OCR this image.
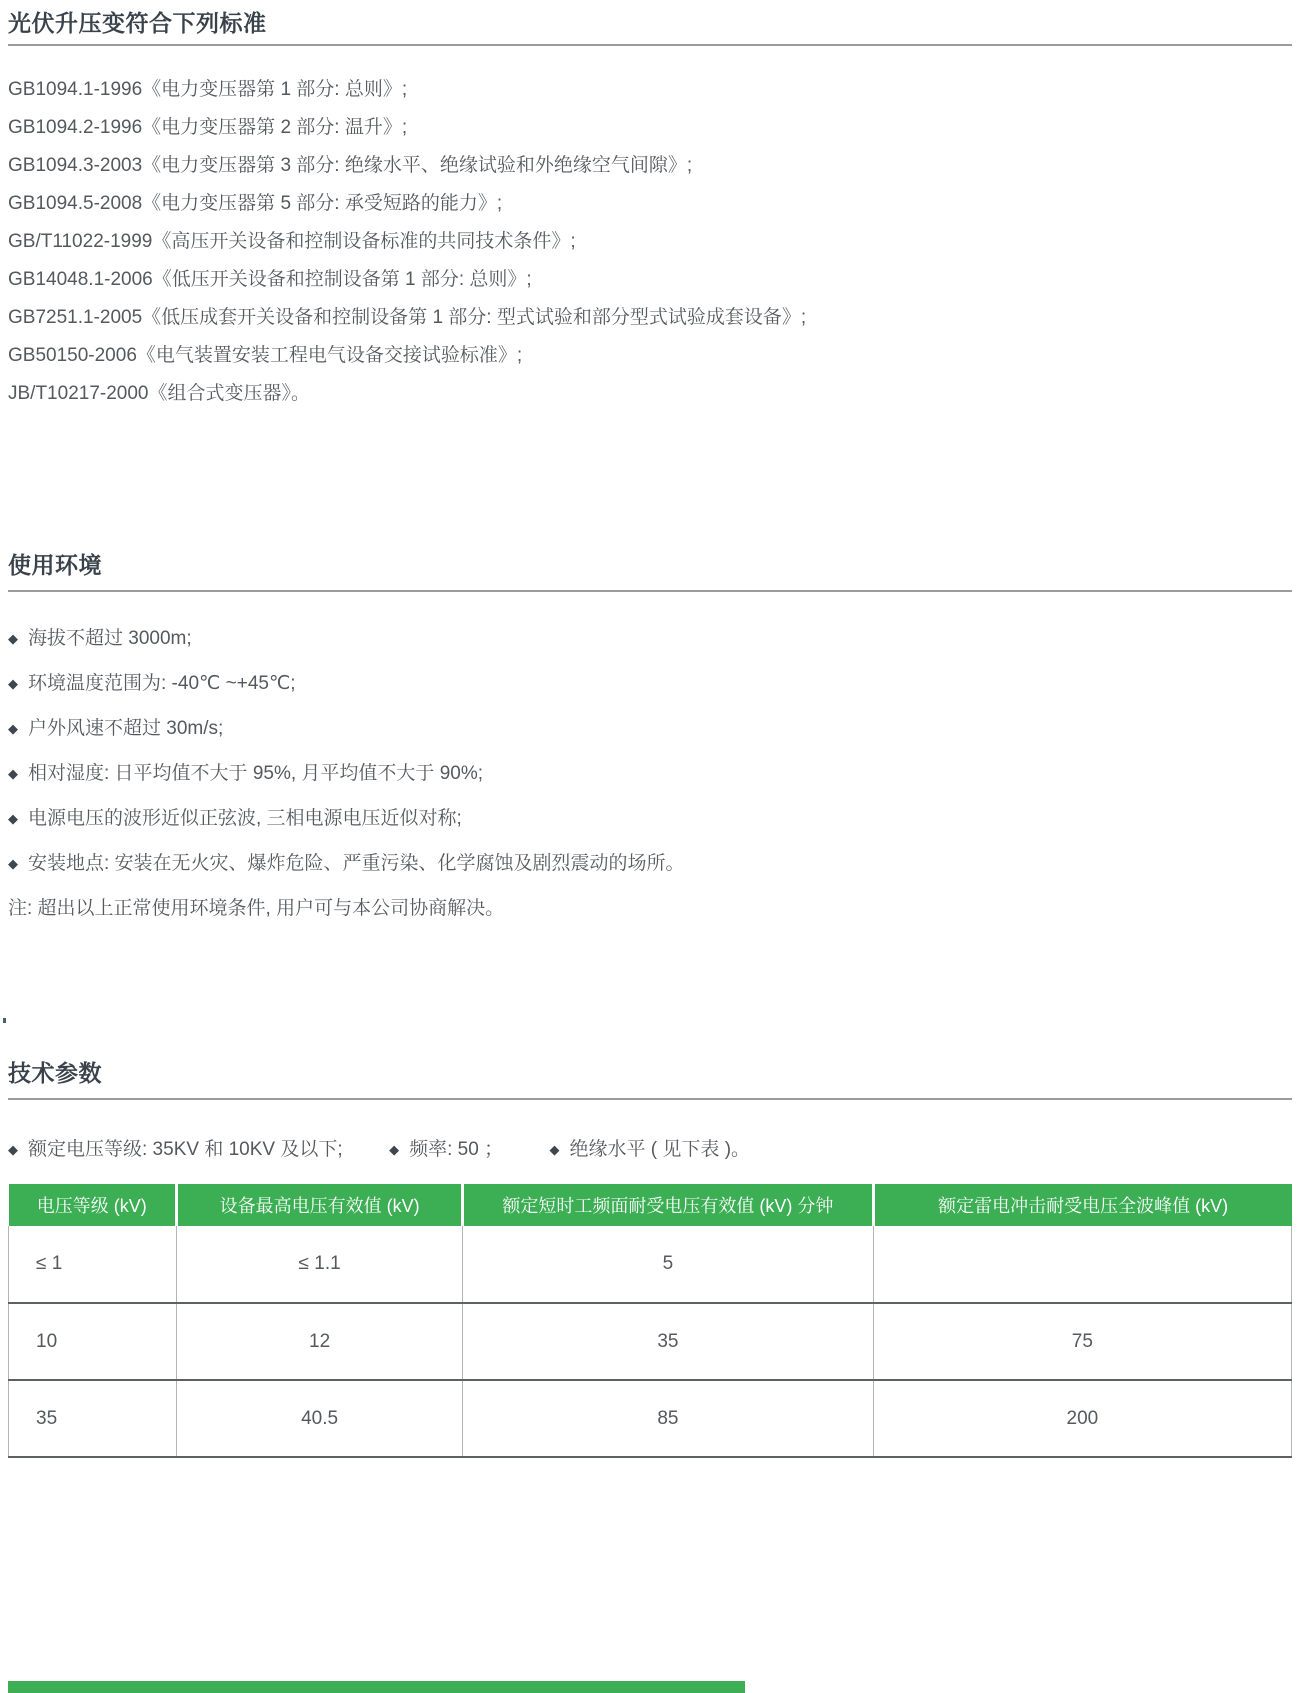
光伏升压变符合下列标准
GB1094.1-1996《电力变压器第 1 部分: 总则》;
GB1094.2-1996《电力变压器第 2 部分: 温升》;
GB1094.3-2003《电力变压器第 3 部分: 绝缘水平、绝缘试验和外绝缘空气间隙》;
GB1094.5-2008《电力变压器第 5 部分: 承受短路的能力》;
GB/T11022-1999《高压开关设备和控制设备标准的共同技术条件》;
GB14048.1-2006《低压开关设备和控制设备第 1 部分: 总则》;
GB7251.1-2005《低压成套开关设备和控制设备第 1 部分: 型式试验和部分型式试验成套设备》;
GB50150-2006《电气装置安装工程电气设备交接试验标准》;
JB/T10217-2000《组合式变压器》。
使用环境
◆ 海拔不超过 3000m;
◆ 环境温度范围为: -40℃ ~+45℃;
◆ 户外风速不超过 30m/s;
◆ 相对湿度: 日平均值不大于 95%, 月平均值不大于 90%;
◆ 电源电压的波形近似正弦波, 三相电源电压近似对称;
◆ 安装地点: 安装在无火灾、爆炸危险、严重污染、化学腐蚀及剧烈震动的场所。
注: 超出以上正常使用环境条件, 用户可与本公司协商解决。
技术参数
◆ 额定电压等级: 35KV 和 10KV 及以下;	◆ 频率: 50 ；	◆ 绝缘水平 ( 见下表 )。
电压等级 (kV)	设备最高电压有效值 (kV)	额定短时工频面耐受电压有效值 (kV) 分钟	额定雷电冲击耐受电压全波峰值 (kV)
≤ 1	≤ 1.1	5	
10	12	35	75
35	40.5	85	200
